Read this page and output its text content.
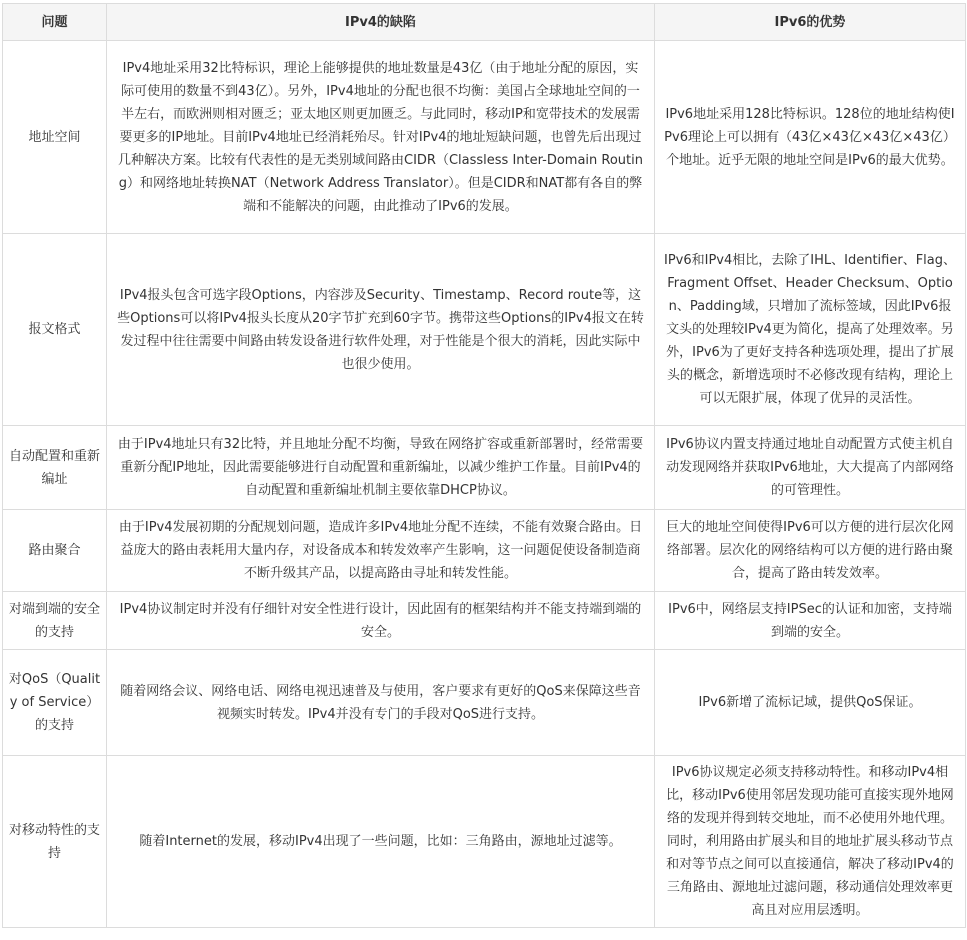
问题	IPv4的缺陷	IPv6的优势
地址空间	IPv4地址采用32比特标识，理论上能够提供的地址数量是43亿（由于地址分配的原因，实际可使用的数量不到43亿）。另外，IPv4地址的分配也很不均衡：美国占全球地址空间的一半左右，而欧洲则相对匮乏；亚太地区则更加匮乏。与此同时，移动IP和宽带技术的发展需要更多的IP地址。目前IPv4地址已经消耗殆尽。针对IPv4的地址短缺问题，也曾先后出现过几种解决方案。比较有代表性的是无类别域间路由CIDR（Classless Inter-Domain Routing）和网络地址转换NAT（Network Address Translator）。但是CIDR和NAT都有各自的弊端和不能解决的问题，由此推动了IPv6的发展。	IPv6地址采用128比特标识。128位的地址结构使IPv6理论上可以拥有（43亿×43亿×43亿×43亿）个地址。近乎无限的地址空间是IPv6的最大优势。
报文格式	IPv4报头包含可选字段Options，内容涉及Security、Timestamp、Record route等，这些Options可以将IPv4报头长度从20字节扩充到60字节。携带这些Options的IPv4报文在转发过程中往往需要中间路由转发设备进行软件处理，对于性能是个很大的消耗，因此实际中也很少使用。	IPv6和IPv4相比，去除了IHL、Identifier、Flag、Fragment Offset、Header Checksum、Option、Padding域，只增加了流标签域，因此IPv6报文头的处理较IPv4更为简化，提高了处理效率。另外，IPv6为了更好支持各种选项处理，提出了扩展头的概念，新增选项时不必修改现有结构，理论上可以无限扩展，体现了优异的灵活性。
自动配置和重新编址	由于IPv4地址只有32比特，并且地址分配不均衡，导致在网络扩容或重新部署时，经常需要重新分配IP地址，因此需要能够进行自动配置和重新编址，以减少维护工作量。目前IPv4的自动配置和重新编址机制主要依靠DHCP协议。	IPv6协议内置支持通过地址自动配置方式使主机自动发现网络并获取IPv6地址，大大提高了内部网络的可管理性。
路由聚合	由于IPv4发展初期的分配规划问题，造成许多IPv4地址分配不连续，不能有效聚合路由。日益庞大的路由表耗用大量内存，对设备成本和转发效率产生影响，这一问题促使设备制造商不断升级其产品，以提高路由寻址和转发性能。	巨大的地址空间使得IPv6可以方便的进行层次化网络部署。层次化的网络结构可以方便的进行路由聚合，提高了路由转发效率。
对端到端的安全的支持	IPv4协议制定时并没有仔细针对安全性进行设计，因此固有的框架结构并不能支持端到端的安全。	IPv6中，网络层支持IPSec的认证和加密，支持端到端的安全。
对QoS（Quality of Service）的支持	随着网络会议、网络电话、网络电视迅速普及与使用，客户要求有更好的QoS来保障这些音视频实时转发。IPv4并没有专门的手段对QoS进行支持。	IPv6新增了流标记域，提供QoS保证。
对移动特性的支持	随着Internet的发展，移动IPv4出现了一些问题，比如：三角路由，源地址过滤等。	IPv6协议规定必须支持移动特性。和移动IPv4相比，移动IPv6使用邻居发现功能可直接实现外地网络的发现并得到转交地址，而不必使用外地代理。同时，利用路由扩展头和目的地址扩展头移动节点和对等节点之间可以直接通信，解决了移动IPv4的三角路由、源地址过滤问题，移动通信处理效率更高且对应用层透明。
